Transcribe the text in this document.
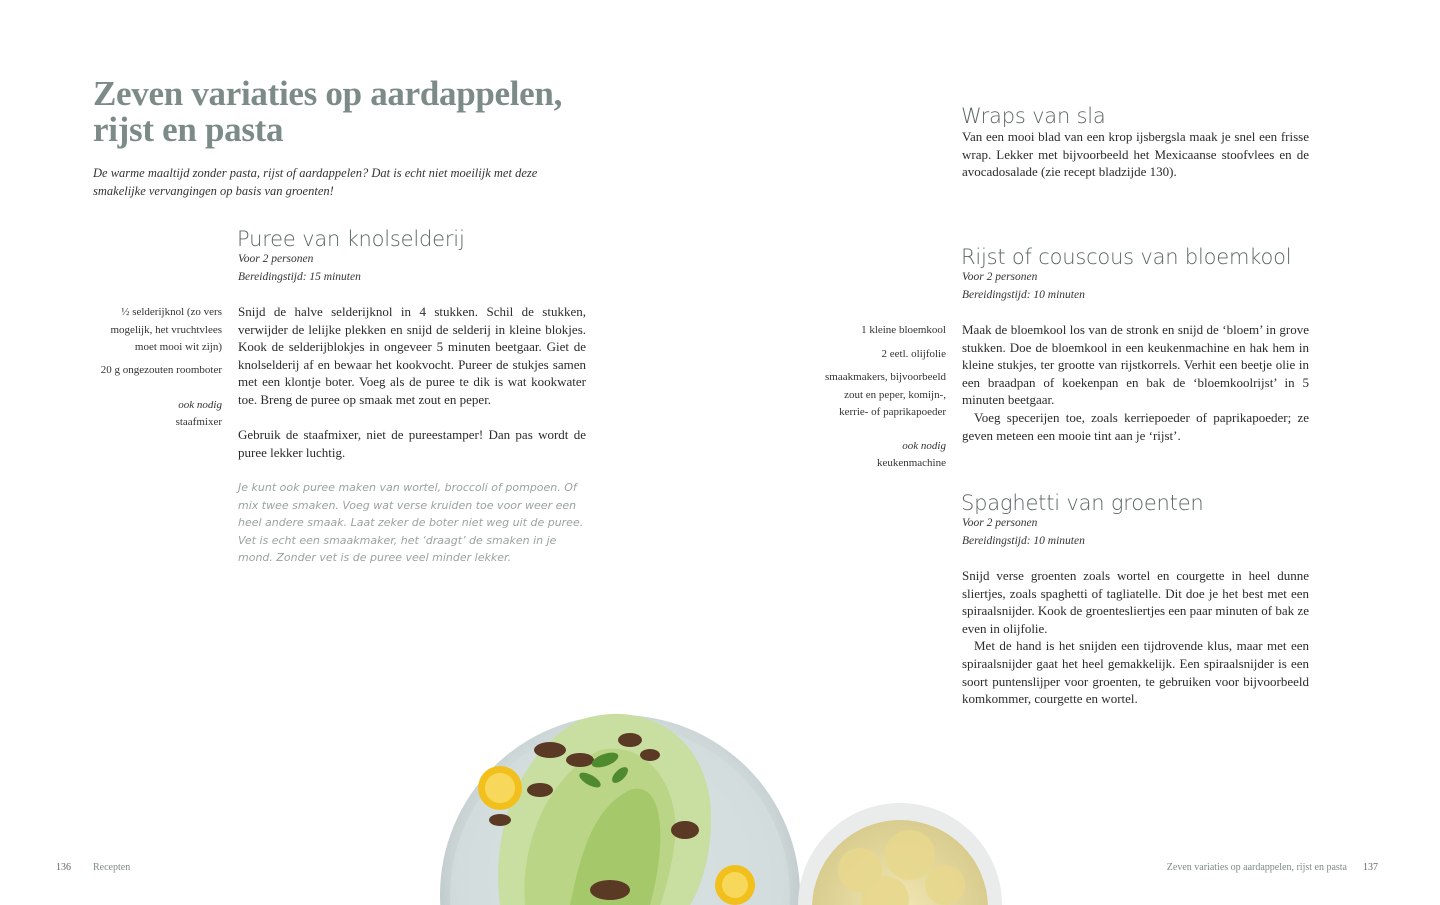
Zeven variaties op aardappelen,
rijst en pasta
De warme maaltijd zonder pasta, rijst of aardappelen? Dat is echt niet moeilijk met deze smakelijke vervangingen op basis van groenten!
Puree van knolselderij
Voor 2 personen
Bereidingstijd: 15 minuten
½ selderijknol (zo vers mogelijk, het vruchtvlees moet mooi wit zijn)
20 g ongezouten roomboter
ook nodig
staafmixer

Snijd de halve selderijknol in 4 stukken. Schil de stukken, verwijder de lelijke plekken en snijd de selderij in kleine blokjes. Kook de selderijblokjes in ongeveer 5 minuten beetgaar. Giet de knolselderij af en bewaar het kookvocht. Pureer de stukjes samen met een klontje boter. Voeg als de puree te dik is wat kookwater toe. Breng de puree op smaak met zout en peper.

Gebruik de staafmixer, niet de pureestamper! Dan pas wordt de puree lekker luchtig.

Je kunt ook puree maken van wortel, broccoli of pompoen. Of mix twee smaken. Voeg wat verse kruiden toe voor weer een heel andere smaak. Laat zeker de boter niet weg uit de puree. Vet is echt een smaakmaker, het ‘draagt’ de smaken in je mond. Zonder vet is de puree veel minder lekker.
136 Recepten
Wraps van sla

Van een mooi blad van een krop ijsbergsla maak je snel een frisse wrap. Lekker met bijvoorbeeld het Mexicaanse stoofvlees en de avocadosalade (zie recept bladzijde 130).

Rijst of couscous van bloemkool
Voor 2 personen
Bereidingstijd: 10 minuten
1 kleine bloemkool
2 eetl. olijfolie
smaakmakers, bijvoorbeeld zout en peper, komijn-, kerrie- of paprikapoeder
ook nodig
keukenmachine

Maak de bloemkool los van de stronk en snijd de ‘bloem’ in grove stukken. Doe de bloemkool in een keukenmachine en hak hem in kleine stukjes, ter grootte van rijstkorrels. Verhit een beetje olie in een braadpan of koekenpan en bak de ‘bloemkoolrijst’ in 5 minuten beetgaar.

Voeg specerijen toe, zoals kerriepoeder of paprikapoeder; ze geven meteen een mooie tint aan je ‘rijst’.

Spaghetti van groenten
Voor 2 personen
Bereidingstijd: 10 minuten

Snijd verse groenten zoals wortel en courgette in heel dunne sliertjes, zoals spaghetti of tagliatelle. Dit doe je het best met een spiraalsnijder. Kook de groentesliertjes een paar minuten of bak ze even in olijfolie.

Met de hand is het snijden een tijdrovende klus, maar met een spiraalsnijder gaat het heel gemakkelijk. Een spiraalsnijder is een soort puntenslijper voor groenten, te gebruiken voor bijvoorbeeld komkommer, courgette en wortel.

Zeven variaties op aardappelen, rijst en pasta 137
